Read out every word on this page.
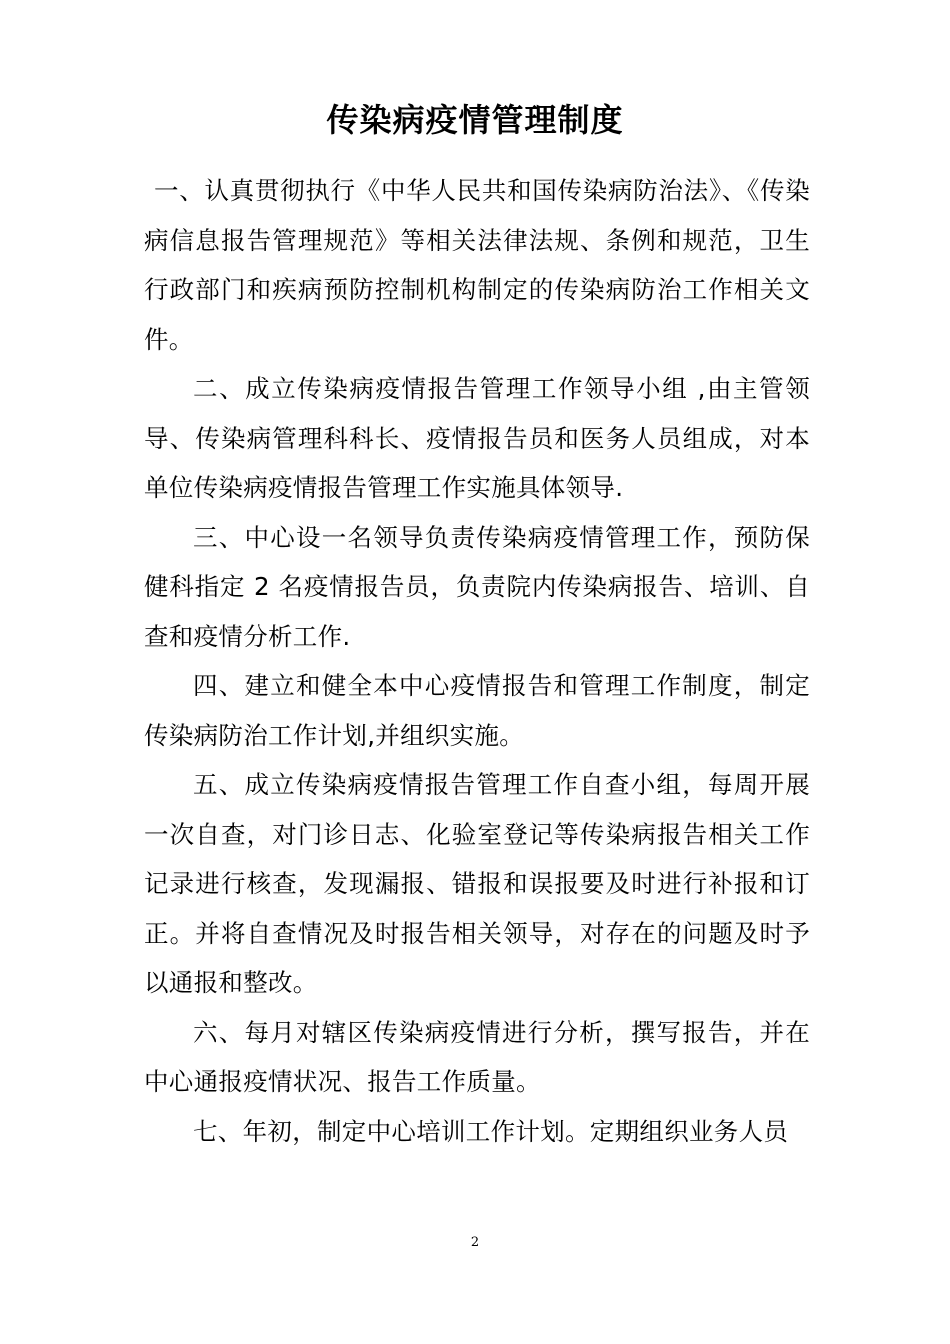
传染病疫情管理制度

一、认真贯彻执行《中华人民共和国传染病防治法》、《传染病信息报告管理规范》等相关法律法规、条例和规范，卫生行政部门和疾病预防控制机构制定的传染病防治工作相关文件。

二、成立传染病疫情报告管理工作领导小组 ,由主管领导、传染病管理科科长、疫情报告员和医务人员组成，对本单位传染病疫情报告管理工作实施具体领导.

三、中心设一名领导负责传染病疫情管理工作，预防保健科指定 2 名疫情报告员，负责院内传染病报告、培训、自查和疫情分析工作.

四、建立和健全本中心疫情报告和管理工作制度，制定传染病防治工作计划,并组织实施。

五、成立传染病疫情报告管理工作自查小组，每周开展一次自查，对门诊日志、化验室登记等传染病报告相关工作记录进行核查，发现漏报、错报和误报要及时进行补报和订正。并将自查情况及时报告相关领导，对存在的问题及时予以通报和整改。

六、每月对辖区传染病疫情进行分析，撰写报告，并在中心通报疫情状况、报告工作质量。

七、年初，制定中心培训工作计划。定期组织业务人员

2
